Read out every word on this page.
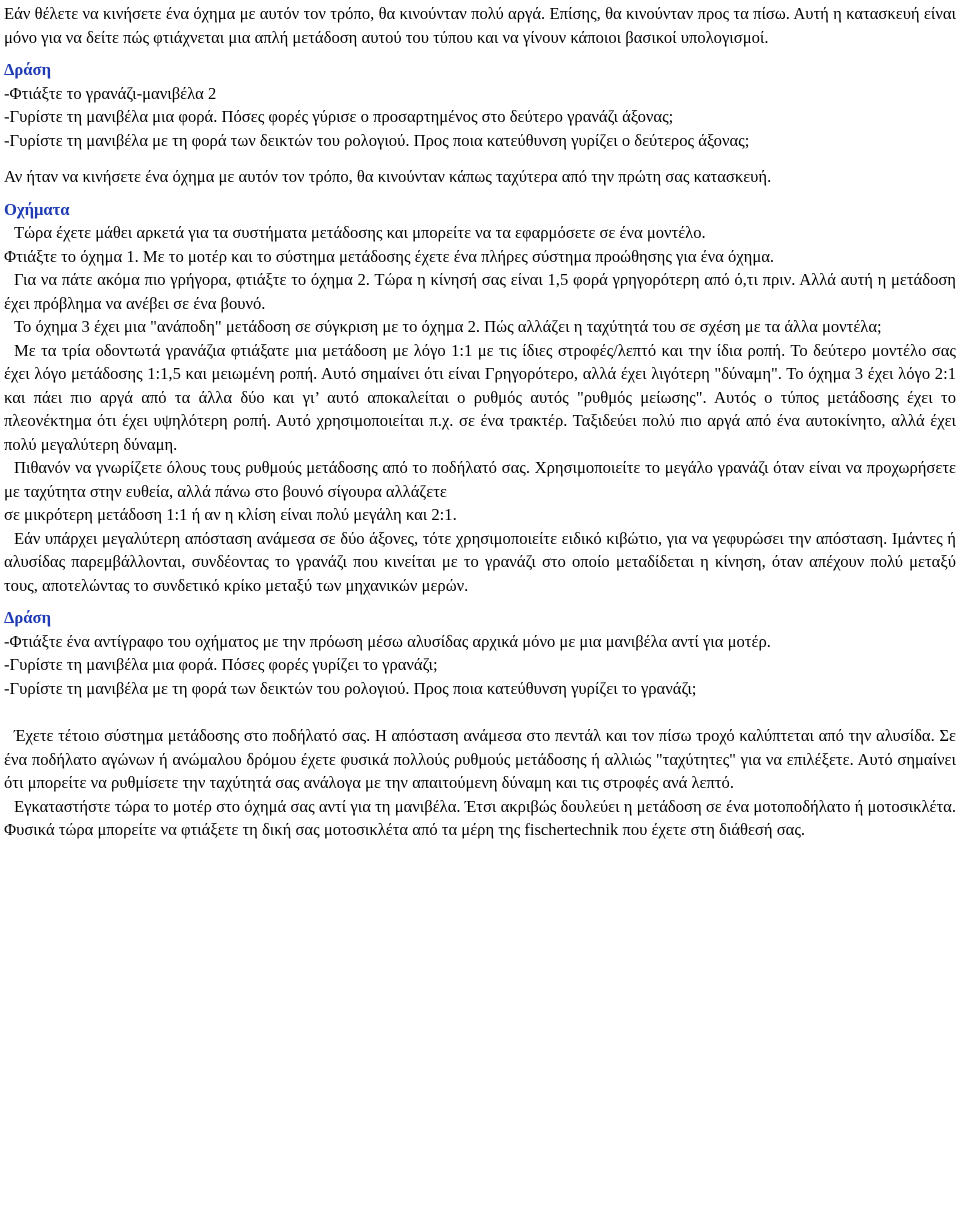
Εάν θέλετε να κινήσετε ένα όχημα με αυτόν τον τρόπο, θα κινούνταν πολύ αργά. Επίσης, θα κινούνταν προς τα πίσω. Αυτή η κατασκευή είναι μόνο για να δείτε πώς φτιάχνεται μια απλή μετάδοση αυτού του τύπου και να γίνουν κάποιοι βασικοί υπολογισμοί.

Δράση

-Φτιάξτε το γρανάζι-μανιβέλα 2

-Γυρίστε τη μανιβέλα μια φορά. Πόσες φορές γύρισε ο προσαρτημένος στο δεύτερο γρανάζι άξονας;

-Γυρίστε τη μανιβέλα με τη φορά των δεικτών του ρολογιού. Προς ποια κατεύθυνση γυρίζει ο δεύτερος άξονας;

Αν ήταν να κινήσετε ένα όχημα με αυτόν τον τρόπο, θα κινούνταν κάπως ταχύτερα από την πρώτη σας κατασκευή.

Οχήματα

Τώρα έχετε μάθει αρκετά για τα συστήματα μετάδοσης και μπορείτε να τα εφαρμόσετε σε ένα μοντέλο.

Φτιάξτε το όχημα 1. Με το μοτέρ και το σύστημα μετάδοσης έχετε ένα πλήρες σύστημα προώθησης για ένα όχημα.

Για να πάτε ακόμα πιο γρήγορα, φτιάξτε το όχημα 2. Τώρα η κίνησή σας είναι 1,5 φορά γρηγορότερη από ό,τι πριν. Αλλά αυτή η μετάδοση έχει πρόβλημα να ανέβει σε ένα βουνό.

Το όχημα 3 έχει μια "ανάποδη" μετάδοση σε σύγκριση με το όχημα 2. Πώς αλλάζει η ταχύτητά του σε σχέση με τα άλλα μοντέλα;

Με τα τρία οδοντωτά γρανάζια φτιάξατε μια μετάδοση με λόγο 1:1 με τις ίδιες στροφές/λεπτό και την ίδια ροπή. Το δεύτερο μοντέλο σας έχει λόγο μετάδοσης 1:1,5 και μειωμένη ροπή. Αυτό σημαίνει ότι είναι Γρηγορότερο, αλλά έχει λιγότερη "δύναμη". Το όχημα 3 έχει λόγο 2:1 και πάει πιο αργά από τα άλλα δύο και γι’ αυτό αποκαλείται ο ρυθμός αυτός "ρυθμός μείωσης". Αυτός ο τύπος μετάδοσης έχει το πλεονέκτημα ότι έχει υψηλότερη ροπή. Αυτό χρησιμοποιείται π.χ. σε ένα τρακτέρ. Ταξιδεύει πολύ πιο αργά από ένα αυτοκίνητο, αλλά έχει πολύ μεγαλύτερη δύναμη.

Πιθανόν να γνωρίζετε όλους τους ρυθμούς μετάδοσης από το ποδήλατό σας. Χρησιμοποιείτε το μεγάλο γρανάζι όταν είναι να προχωρήσετε με ταχύτητα στην ευθεία, αλλά πάνω στο βουνό σίγουρα αλλάζετε

σε μικρότερη μετάδοση 1:1 ή αν η κλίση είναι πολύ μεγάλη και 2:1.

Εάν υπάρχει μεγαλύτερη απόσταση ανάμεσα σε δύο άξονες, τότε χρησιμοποιείτε ειδικό κιβώτιο, για να γεφυρώσει την απόσταση. Ιμάντες ή αλυσίδας παρεμβάλλονται, συνδέοντας το γρανάζι που κινείται με το γρανάζι στο οποίο μεταδίδεται η κίνηση, όταν απέχουν πολύ μεταξύ τους, αποτελώντας το συνδετικό κρίκο μεταξύ των μηχανικών μερών.

Δράση

-Φτιάξτε ένα αντίγραφο του οχήματος με την πρόωση μέσω αλυσίδας αρχικά μόνο με μια μανιβέλα αντί για μοτέρ.

-Γυρίστε τη μανιβέλα μια φορά. Πόσες φορές γυρίζει το γρανάζι;

-Γυρίστε τη μανιβέλα με τη φορά των δεικτών του ρολογιού. Προς ποια κατεύθυνση γυρίζει το γρανάζι;

Έχετε τέτοιο σύστημα μετάδοσης στο ποδήλατό σας. Η απόσταση ανάμεσα στο πεντάλ και τον πίσω τροχό καλύπτεται από την αλυσίδα. Σε ένα ποδήλατο αγώνων ή ανώμαλου δρόμου έχετε φυσικά πολλούς ρυθμούς μετάδοσης ή αλλιώς "ταχύτητες" για να επιλέξετε. Αυτό σημαίνει ότι μπορείτε να ρυθμίσετε την ταχύτητά σας ανάλογα με την απαιτούμενη δύναμη και τις στροφές ανά λεπτό.

Εγκαταστήστε τώρα το μοτέρ στο όχημά σας αντί για τη μανιβέλα. Έτσι ακριβώς δουλεύει η μετάδοση σε ένα μοτοποδήλατο ή μοτοσικλέτα. Φυσικά τώρα μπορείτε να φτιάξετε τη δική σας μοτοσικλέτα από τα μέρη της fischertechnik που έχετε στη διάθεσή σας.
